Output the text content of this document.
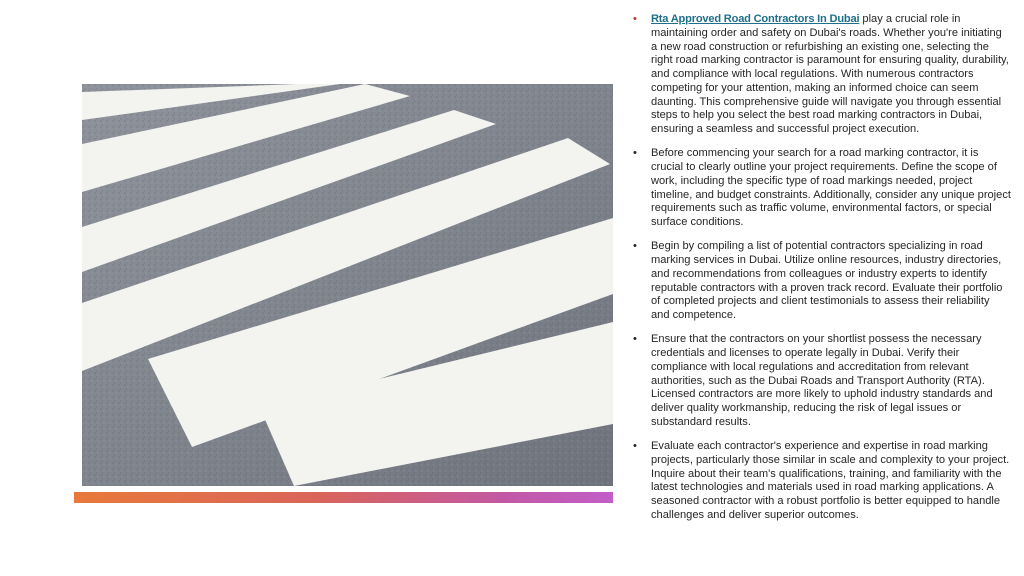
•	Rta Approved Road Contractors In Dubai play a crucial role in maintaining order and safety on Dubai's roads. Whether you're initiating a new road construction or refurbishing an existing one, selecting the right road marking contractor is paramount for ensuring quality, durability, and compliance with local regulations. With numerous contractors competing for your attention, making an informed choice can seem daunting. This comprehensive guide will navigate you through essential steps to help you select the best road marking contractors in Dubai, ensuring a seamless and successful project execution.
•	Before commencing your search for a road marking contractor, it is crucial to clearly outline your project requirements. Define the scope of work, including the specific type of road markings needed, project timeline, and budget constraints. Additionally, consider any unique project requirements such as traffic volume, environmental factors, or special surface conditions.
•	Begin by compiling a list of potential contractors specializing in road marking services in Dubai. Utilize online resources, industry directories, and recommendations from colleagues or industry experts to identify reputable contractors with a proven track record. Evaluate their portfolio of completed projects and client testimonials to assess their reliability and competence.
•	Ensure that the contractors on your shortlist possess the necessary credentials and licenses to operate legally in Dubai. Verify their compliance with local regulations and accreditation from relevant authorities, such as the Dubai Roads and Transport Authority (RTA). Licensed contractors are more likely to uphold industry standards and deliver quality workmanship, reducing the risk of legal issues or substandard results.
•	Evaluate each contractor's experience and expertise in road marking projects, particularly those similar in scale and complexity to your project. Inquire about their team's qualifications, training, and familiarity with the latest technologies and materials used in road marking applications. A seasoned contractor with a robust portfolio is better equipped to handle challenges and deliver superior outcomes.
